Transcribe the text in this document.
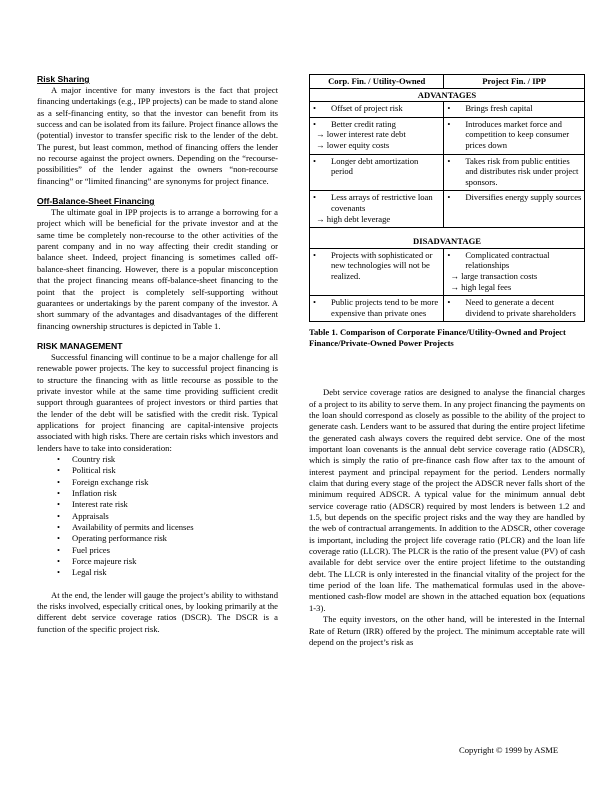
Risk Sharing

A major incentive for many investors is the fact that project financing undertakings (e.g., IPP projects) can be made to stand alone as a self-financing entity, so that the investor can benefit from its success and can be isolated from its failure. Project finance allows the (potential) investor to transfer specific risk to the lender of the debt. The purest, but least common, method of financing offers the lender no recourse against the project owners. Depending on the “recourse-possibilities” of the lender against the owners “non-recourse financing” or “limited financing” are synonyms for project finance.

Off-Balance-Sheet Financing

The ultimate goal in IPP projects is to arrange a borrowing for a project which will be beneficial for the private investor and at the same time be completely non-recourse to the other activities of the parent company and in no way affecting their credit standing or balance sheet. Indeed, project financing is sometimes called off-balance-sheet financing. However, there is a popular misconception that the project financing means off-balance-sheet financing to the point that the project is completely self-supporting without guarantees or undertakings by the parent company of the investor. A short summary of the advantages and disadvantages of the different financing ownership structures is depicted in Table 1.

RISK MANAGEMENT

Successful financing will continue to be a major challenge for all renewable power projects. The key to successful project financing is to structure the financing with as little recourse as possible to the private investor while at the same time providing sufficient credit support through guarantees of project investors or third parties that the lender of the debt will be satisfied with the credit risk. Typical applications for project financing are capital-intensive projects associated with high risks. There are certain risks which investors and lenders have to take into consideration:

• Country risk
• Political risk
• Foreign exchange risk
• Inflation risk
• Interest rate risk
• Appraisals
• Availability of permits and licenses
• Operating performance risk
• Fuel prices
• Force majeure risk
• Legal risk

At the end, the lender will gauge the project’s ability to withstand the risks involved, especially critical ones, by looking primarily at the different debt service coverage ratios (DSCR). The DSCR is a function of the specific project risk.

Corp. Fin. / Utility-Owned	Project Fin. / IPP
ADVANTAGES	

• Offset of project risk	• Brings fresh capital

• Better credit rating
→ lower interest rate debt
→ lower equity costs	• Introduces market force and competition to keep consumer prices down

• Longer debt amortization period	• Takes risk from public entities and distributes risk under project sponsors.

• Less arrays of restrictive loan covenants
→ high debt leverage	• Diversifies energy supply sources

DISADVANTAGE	

• Projects with sophisticated or new technologies will not be realized.	• Complicated contractual relationships
→ large transaction costs
→ high legal fees

• Public projects tend to be more expensive than private ones	• Need to generate a decent dividend to private shareholders
Table 1. Comparison of Corporate Finance/Utility-Owned and Project Finance/Private-Owned Power Projects

Debt service coverage ratios are designed to analyse the financial charges of a project to its ability to serve them. In any project financing the payments on the loan should correspond as closely as possible to the ability of the project to generate cash. Lenders want to be assured that during the entire project lifetime the generated cash always covers the required debt service. One of the most important loan covenants is the annual debt service coverage ratio (ADSCR), which is simply the ratio of pre-finance cash flow after tax to the amount of interest payment and principal repayment for the period. Lenders normally claim that during every stage of the project the ADSCR never falls short of the minimum required ADSCR. A typical value for the minimum annual debt service coverage ratio (ADSCR) required by most lenders is between 1.2 and 1.5, but depends on the specific project risks and the way they are handled by the web of contractual arrangements. In addition to the ADSCR, other coverage is important, including the project life coverage ratio (PLCR) and the loan life coverage ratio (LLCR). The PLCR is the ratio of the present value (PV) of cash available for debt service over the entire project lifetime to the outstanding debt. The LLCR is only interested in the financial vitality of the project for the time period of the loan life. The mathematical formulas used in the above-mentioned cash-flow model are shown in the attached equation box (equations 1-3).

The equity investors, on the other hand, will be interested in the Internal Rate of Return (IRR) offered by the project. The minimum acceptable rate will depend on the project’s risk as

Copyright © 1999 by ASME
